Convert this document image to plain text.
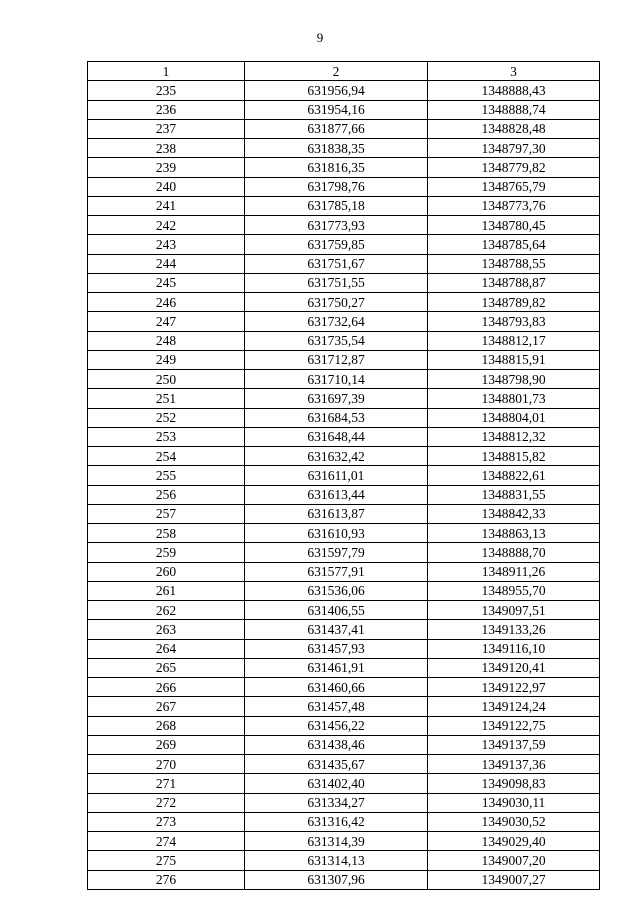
9
1	2	3
235	631956,94	1348888,43
236	631954,16	1348888,74
237	631877,66	1348828,48
238	631838,35	1348797,30
239	631816,35	1348779,82
240	631798,76	1348765,79
241	631785,18	1348773,76
242	631773,93	1348780,45
243	631759,85	1348785,64
244	631751,67	1348788,55
245	631751,55	1348788,87
246	631750,27	1348789,82
247	631732,64	1348793,83
248	631735,54	1348812,17
249	631712,87	1348815,91
250	631710,14	1348798,90
251	631697,39	1348801,73
252	631684,53	1348804,01
253	631648,44	1348812,32
254	631632,42	1348815,82
255	631611,01	1348822,61
256	631613,44	1348831,55
257	631613,87	1348842,33
258	631610,93	1348863,13
259	631597,79	1348888,70
260	631577,91	1348911,26
261	631536,06	1348955,70
262	631406,55	1349097,51
263	631437,41	1349133,26
264	631457,93	1349116,10
265	631461,91	1349120,41
266	631460,66	1349122,97
267	631457,48	1349124,24
268	631456,22	1349122,75
269	631438,46	1349137,59
270	631435,67	1349137,36
271	631402,40	1349098,83
272	631334,27	1349030,11
273	631316,42	1349030,52
274	631314,39	1349029,40
275	631314,13	1349007,20
276	631307,96	1349007,27
